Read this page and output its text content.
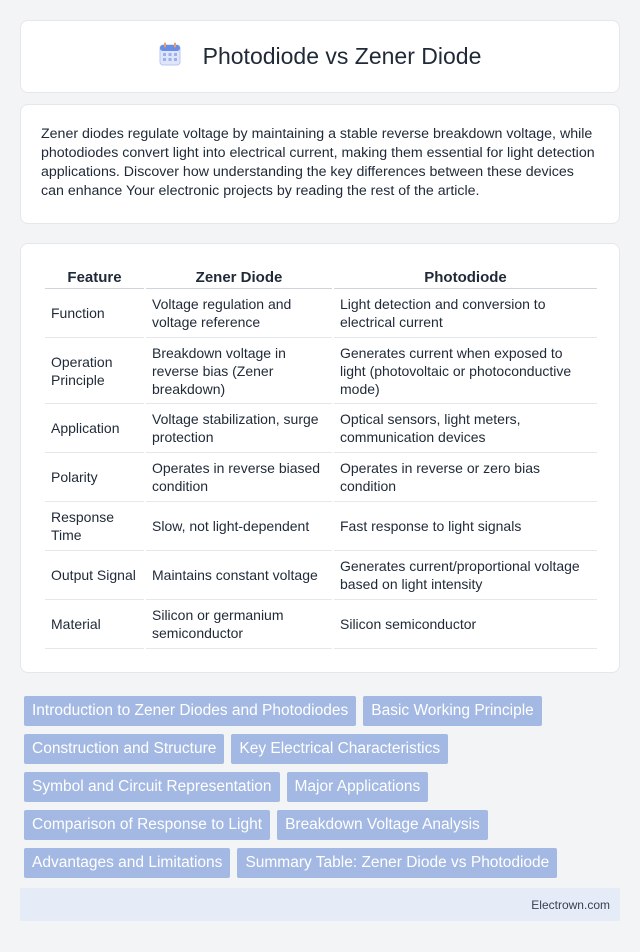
Photodiode vs Zener Diode

Zener diodes regulate voltage by maintaining a stable reverse breakdown voltage, while photodiodes convert light into electrical current, making them essential for light detection applications. Discover how understanding the key differences between these devices can enhance Your electronic projects by reading the rest of the article.

Feature	Zener Diode	Photodiode
Function	Voltage regulation and voltage reference	Light detection and conversion to electrical current
Operation Principle	Breakdown voltage in reverse bias (Zener breakdown)	Generates current when exposed to light (photovoltaic or photoconductive mode)
Application	Voltage stabilization, surge protection	Optical sensors, light meters, communication devices
Polarity	Operates in reverse biased condition	Operates in reverse or zero bias condition
Response Time	Slow, not light-dependent	Fast response to light signals
Output Signal	Maintains constant voltage	Generates current/proportional voltage based on light intensity
Material	Silicon or germanium semiconductor	Silicon semiconductor
Introduction to Zener Diodes and Photodiodes	Basic Working Principle
Construction and Structure	Key Electrical Characteristics
Symbol and Circuit Representation	Major Applications
Comparison of Response to Light	Breakdown Voltage Analysis
Advantages and Limitations	Summary Table: Zener Diode vs Photodiode
Electrown.com
